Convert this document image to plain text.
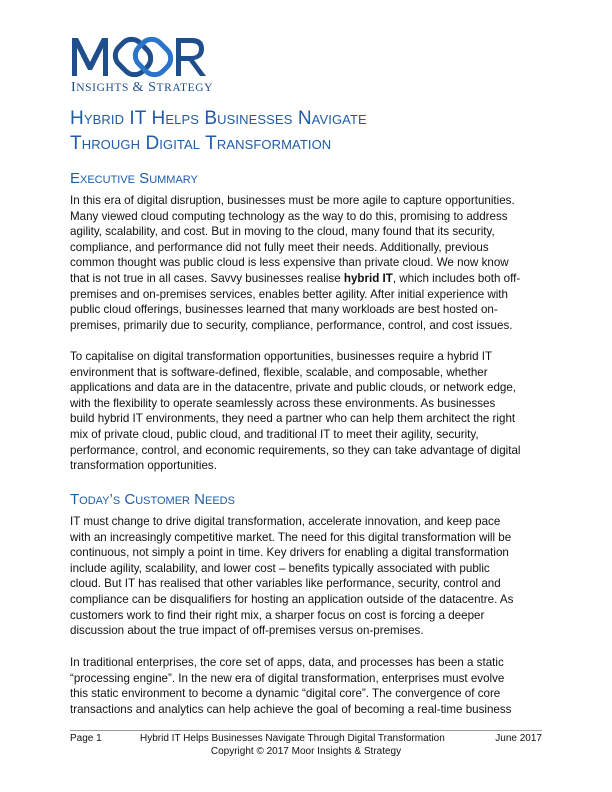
INSIGHTS & STRATEGY
Hybrid IT Helps Businesses Navigate
Through Digital Transformation
Executive Summary

In this era of digital disruption, businesses must be more agile to capture opportunities.
Many viewed cloud computing technology as the way to do this, promising to address
agility, scalability, and cost. But in moving to the cloud, many found that its security,
compliance, and performance did not fully meet their needs. Additionally, previous
common thought was public cloud is less expensive than private cloud. We now know
that is not true in all cases. Savvy businesses realise hybrid IT, which includes both off-
premises and on-premises services, enables better agility. After initial experience with
public cloud offerings, businesses learned that many workloads are best hosted on-
premises, primarily due to security, compliance, performance, control, and cost issues.

To capitalise on digital transformation opportunities, businesses require a hybrid IT
environment that is software-defined, flexible, scalable, and composable, whether
applications and data are in the datacentre, private and public clouds, or network edge,
with the flexibility to operate seamlessly across these environments. As businesses
build hybrid IT environments, they need a partner who can help them architect the right
mix of private cloud, public cloud, and traditional IT to meet their agility, security,
performance, control, and economic requirements, so they can take advantage of digital
transformation opportunities.

Today’s Customer Needs

IT must change to drive digital transformation, accelerate innovation, and keep pace
with an increasingly competitive market. The need for this digital transformation will be
continuous, not simply a point in time. Key drivers for enabling a digital transformation
include agility, scalability, and lower cost – benefits typically associated with public
cloud. But IT has realised that other variables like performance, security, control and
compliance can be disqualifiers for hosting an application outside of the datacentre. As
customers work to find their right mix, a sharper focus on cost is forcing a deeper
discussion about the true impact of off-premises versus on-premises.

In traditional enterprises, the core set of apps, data, and processes has been a static
“processing engine”. In the new era of digital transformation, enterprises must evolve
this static environment to become a dynamic “digital core”. The convergence of core
transactions and analytics can help achieve the goal of becoming a real-time business

Page 1	Hybrid IT Helps Businesses Navigate Through Digital Transformation	June 2017
Copyright © 2017 Moor Insights & Strategy
